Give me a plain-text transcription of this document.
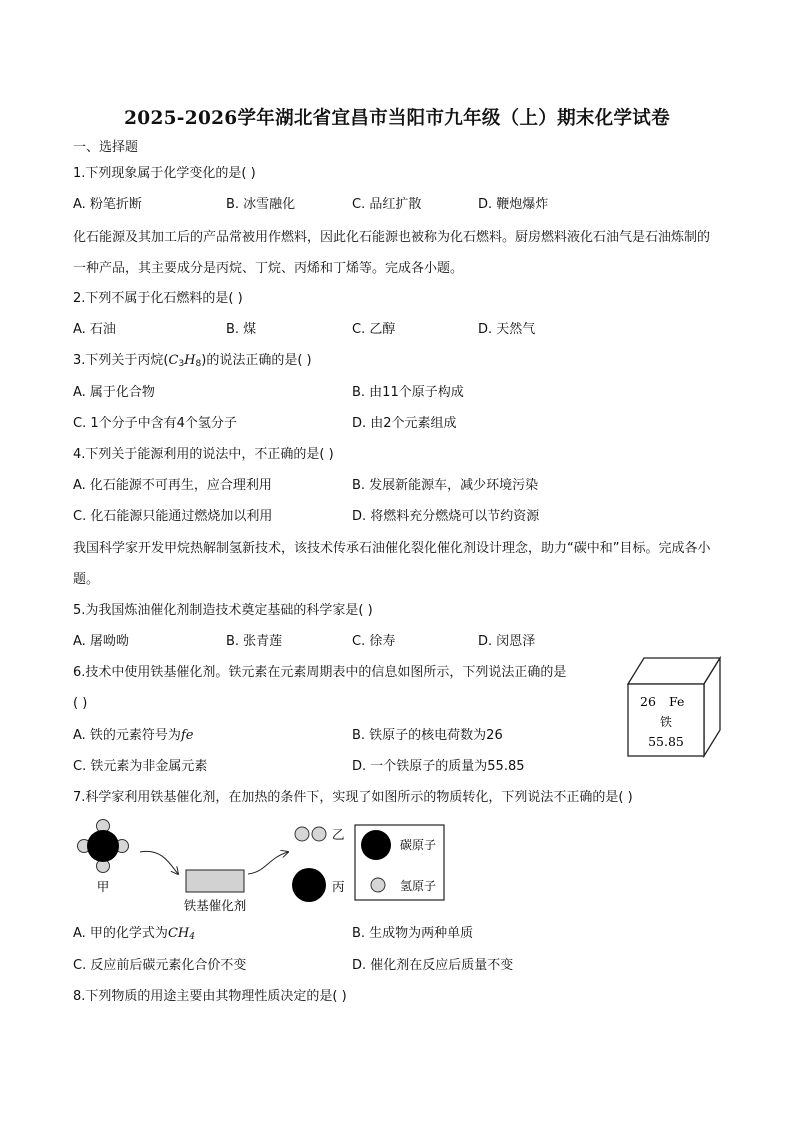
2025-2026学年湖北省宜昌市当阳市九年级（上）期末化学试卷
一、选择题
1.下列现象属于化学变化的是( )
A. 粉笔折断	B. 冰雪融化	C. 品红扩散	D. 鞭炮爆炸
化石能源及其加工后的产品常被用作燃料，因此化石能源也被称为化石燃料。厨房燃料液化石油气是石油炼制的一种产品，其主要成分是丙烷、丁烷、丙烯和丁烯等。完成各小题。
2.下列不属于化石燃料的是( )
A. 石油	B. 煤	C. 乙醇	D. 天然气
3.下列关于丙烷$(C_3H_8)$的说法正确的是( )
A. 属于化合物	B. 由11个原子构成
C. 1个分子中含有4个氢分子	D. 由2个元素组成
4.下列关于能源利用的说法中，不正确的是( )
A. 化石能源不可再生，应合理利用	B. 发展新能源车，减少环境污染
C. 化石能源只能通过燃烧加以利用	D. 将燃料充分燃烧可以节约资源
我国科学家开发甲烷热解制氢新技术，该技术传承石油催化裂化催化剂设计理念，助力“碳中和”目标。完成各小题。
5.为我国炼油催化剂制造技术奠定基础的科学家是( )
A. 屠呦呦	B. 张青莲	C. 徐寿	D. 闵恩泽
6.技术中使用铁基催化剂。铁元素在元素周期表中的信息如图所示，下列说法正确的是
( )
A. 铁的元素符号为fe	B. 铁原子的核电荷数为26
C. 铁元素为非金属元素	D. 一个铁原子的质量为55.85
26 Fe
铁
55.85
7.科学家利用铁基催化剂，在加热的条件下，实现了如图所示的物质转化，下列说法不正确的是( )
甲
铁基催化剂
乙
丙
碳原子
氢原子
A. 甲的化学式为$CH_4$	B. 生成物为两种单质
C. 反应前后碳元素化合价不变	D. 催化剂在反应后质量不变
8.下列物质的用途主要由其物理性质决定的是( )
